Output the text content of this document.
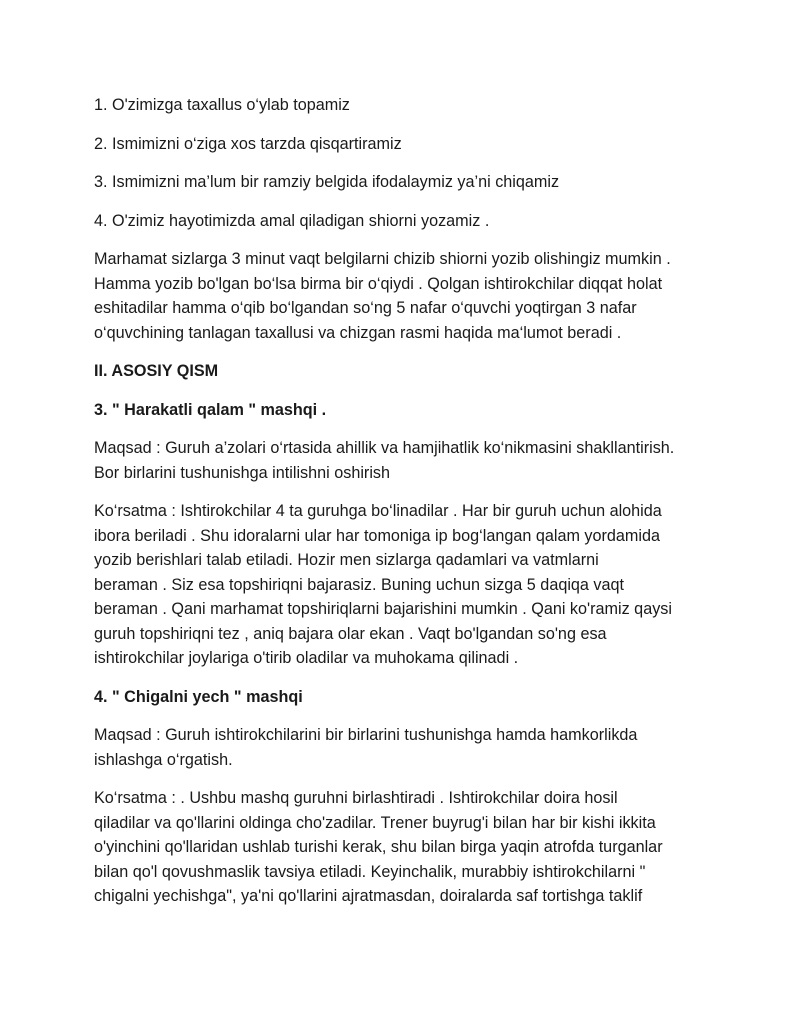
1. O'zimizga taxallus o‘ylab topamiz

2. Ismimizni o‘ziga xos tarzda qisqartiramiz

3. Ismimizni ma’lum bir ramziy belgida ifodalaymiz ya’ni chiqamiz

4. O'zimiz hayotimizda amal qiladigan shiorni yozamiz .

Marhamat sizlarga 3 minut vaqt belgilarni chizib shiorni yozib olishingiz mumkin .
Hamma yozib bo'lgan bo‘lsa birma bir o‘qiydi . Qolgan ishtirokchilar diqqat holat
eshitadilar hamma o‘qib bo‘lgandan so‘ng 5 nafar o‘quvchi yoqtirgan 3 nafar
o‘quvchining tanlagan taxallusi va chizgan rasmi haqida ma‘lumot beradi .

II. ASOSIY QISM

3. " Harakatli qalam " mashqi .

Maqsad : Guruh a’zolari o‘rtasida ahillik va hamjihatlik ko‘nikmasini shakllantirish.
Bor birlarini tushunishga intilishni oshirish

Ko‘rsatma : Ishtirokchilar 4 ta guruhga bo‘linadilar . Har bir guruh uchun alohida
ibora beriladi . Shu idoralarni ular har tomoniga ip bog‘langan qalam yordamida
yozib berishlari talab etiladi. Hozir men sizlarga qadamlari va vatmlarni
beraman . Siz esa topshiriqni bajarasiz. Buning uchun sizga 5 daqiqa vaqt
beraman . Qani marhamat topshiriqlarni bajarishini mumkin . Qani ko'ramiz qaysi
guruh topshiriqni tez , aniq bajara olar ekan . Vaqt bo'lgandan so'ng esa
ishtirokchilar joylariga o'tirib oladilar va muhokama qilinadi .

4. " Chigalni yech " mashqi

Maqsad : Guruh ishtirokchilarini bir birlarini tushunishga hamda hamkorlikda
ishlashga o‘rgatish.

Ko‘rsatma : . Ushbu mashq guruhni birlashtiradi . Ishtirokchilar doira hosil
qiladilar va qo'llarini oldinga cho'zadilar. Trener buyrug'i bilan har bir kishi ikkita
o'yinchini qo'llaridan ushlab turishi kerak, shu bilan birga yaqin atrofda turganlar
bilan qo'l qovushmaslik tavsiya etiladi. Keyinchalik, murabbiy ishtirokchilarni "
chigalni yechishga", ya'ni qo'llarini ajratmasdan, doiralarda saf tortishga taklif
